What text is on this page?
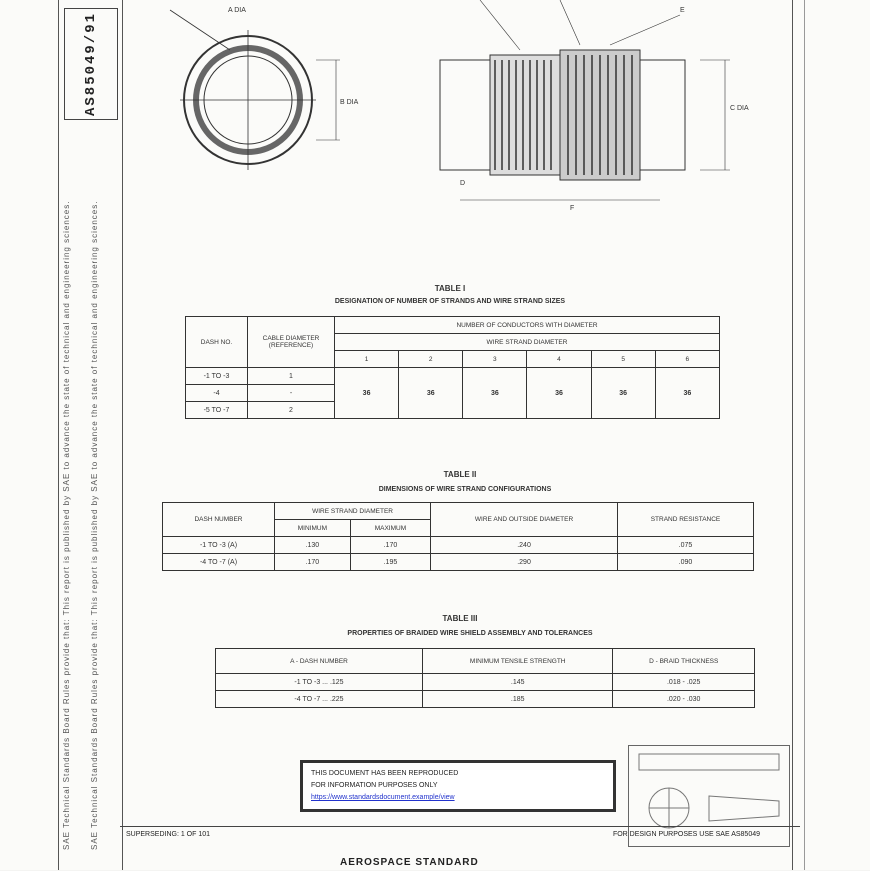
SAE Technical Standards Board Rules provide that: This report is published by SAE to advance the state of technical and engineering sciences.	SAE Technical Standards Board Rules provide that: This report is published by SAE to advance the state of technical and engineering sciences.
AS85049/91
A DIA
B DIA
C DIA
D
E
F
TABLE I
DESIGNATION OF NUMBER OF STRANDS AND WIRE STRAND SIZES
DASH NO.	CABLE DIAMETER (REFERENCE)	NUMBER OF CONDUCTORS WITH DIAMETER					
		WIRE STRAND DIAMETER					
		1	2	3	4	5	6
-1 TO -3	1	36	36	36	36	36	36
-4	-						
-5 TO -7	2						
TABLE II
DIMENSIONS OF WIRE STRAND CONFIGURATIONS
DASH NUMBER	WIRE STRAND DIAMETER		WIRE AND OUTSIDE DIAMETER	STRAND RESISTANCE
	MINIMUM	MAXIMUM		
-1 TO -3 (A)	.130	.170	.240	.075
-4 TO -7 (A)	.170	.195	.290	.090
TABLE III
PROPERTIES OF BRAIDED WIRE SHIELD ASSEMBLY AND TOLERANCES
A - DASH NUMBER	MINIMUM TENSILE STRENGTH	D - BRAID THICKNESS
-1 TO -3 ... .125	.145	.018 - .025
-4 TO -7 ... .225	.185	.020 - .030
THIS DOCUMENT HAS BEEN REPRODUCED
FOR INFORMATION PURPOSES ONLY
https://www.standardsdocument.example/view
SUPERSEDING: 1 OF 101	FOR DESIGN PURPOSES USE SAE AS85049
AEROSPACE STANDARD
